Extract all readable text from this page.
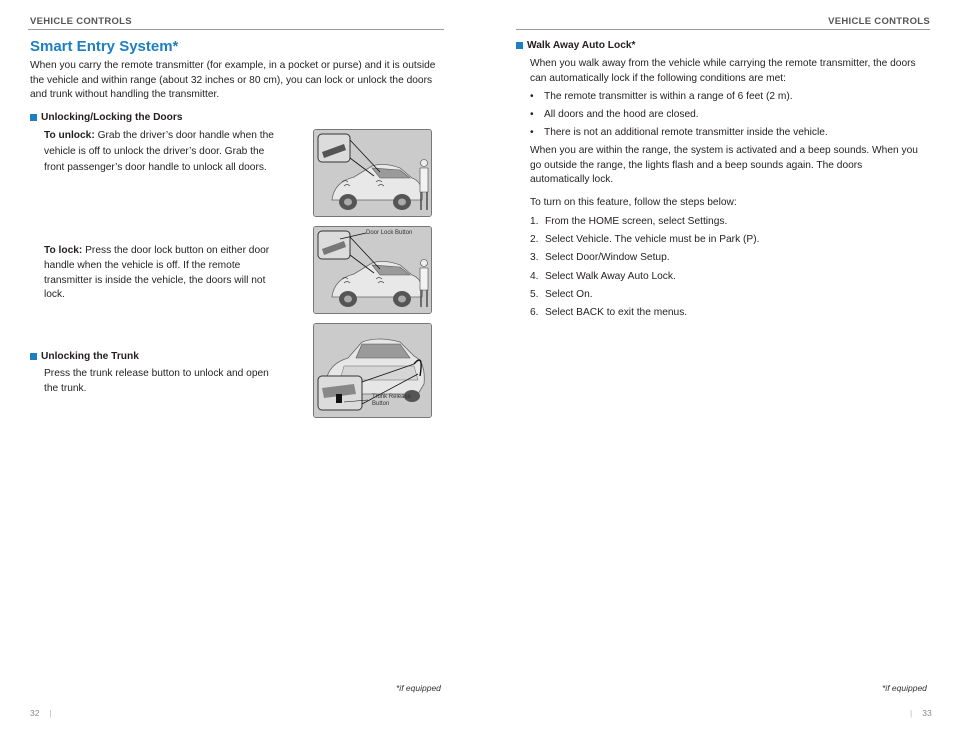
VEHICLE CONTROLS
Smart Entry System*
When you carry the remote transmitter (for example, in a pocket or purse) and it is outside the vehicle and within range (about 32 inches or 80 cm), you can lock or unlock the doors and trunk without handling the transmitter.
Unlocking/Locking the Doors
To unlock: Grab the driver’s door handle when the vehicle is off to unlock the driver’s door. Grab the front passenger’s door handle to unlock all doors.
To lock: Press the door lock button on either door handle when the vehicle is off. If the remote transmitter is inside the vehicle, the doors will not lock.
Unlocking the Trunk
Press the trunk release button to unlock and open the trunk.
Door Lock Button
Trunk Release
Button
*if equipped
32 |
VEHICLE CONTROLS
Walk Away Auto Lock*
When you walk away from the vehicle while carrying the remote transmitter, the doors can automatically lock if the following conditions are met:
•	The remote transmitter is within a range of 6 feet (2 m).
•	All doors and the hood are closed.
•	There is not an additional remote transmitter inside the vehicle.
When you are within the range, the system is activated and a beep sounds. When you go outside the range, the lights flash and a beep sounds again. The doors automatically lock.
To turn on this feature, follow the steps below:
1. From the HOME screen, select Settings.
2. Select Vehicle. The vehicle must be in Park (P).
3. Select Door/Window Setup.
4. Select Walk Away Auto Lock.
5. Select On.
6. Select BACK to exit the menus.
*if equipped
| 33
